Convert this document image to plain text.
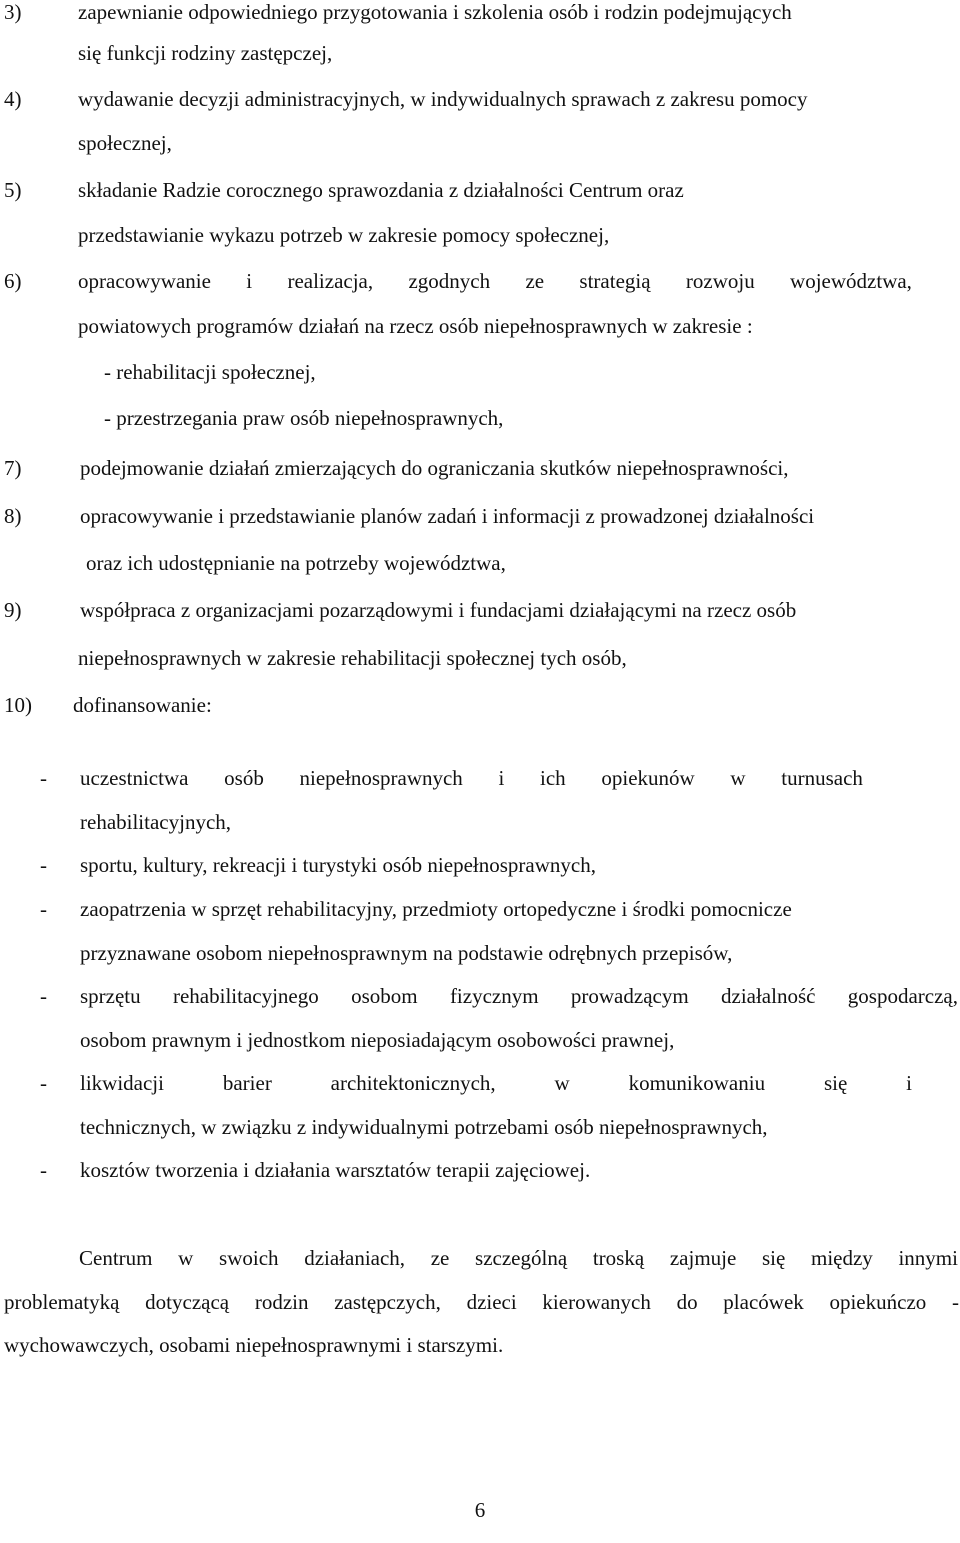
3)	zapewnianie odpowiedniego przygotowania i szkolenia osób i rodzin podejmujących
się funkcji rodziny zastępczej,
4)	wydawanie decyzji administracyjnych, w indywidualnych sprawach z zakresu pomocy
społecznej,
5)	składanie Radzie corocznego sprawozdania z działalności Centrum oraz
przedstawianie wykazu potrzeb w zakresie pomocy społecznej,
6)	opracowywanie i realizacja, zgodnych ze strategią rozwoju województwa,
powiatowych programów działań na rzecz osób niepełnosprawnych w zakresie :
- rehabilitacji społecznej,
- przestrzegania praw osób niepełnosprawnych,
7)	podejmowanie działań zmierzających do ograniczania skutków niepełnosprawności,
8)	opracowywanie i przedstawianie planów zadań i informacji z prowadzonej działalności
oraz ich udostępnianie na potrzeby województwa,
9)	współpraca z organizacjami pozarządowymi i fundacjami działającymi na rzecz osób
niepełnosprawnych w zakresie rehabilitacji społecznej tych osób,
10) dofinansowanie:
- uczestnictwa osób niepełnosprawnych i ich opiekunów w turnusach
rehabilitacyjnych,
- sportu, kultury, rekreacji i turystyki osób niepełnosprawnych,
- zaopatrzenia w sprzęt rehabilitacyjny, przedmioty ortopedyczne i środki pomocnicze
przyznawane osobom niepełnosprawnym na podstawie odrębnych przepisów,
- sprzętu rehabilitacyjnego osobom fizycznym prowadzącym działalność gospodarczą,
osobom prawnym i jednostkom nieposiadającym osobowości prawnej,
- likwidacji	barier	architektonicznych,	w	komunikowaniu	się	i
technicznych, w związku z indywidualnymi potrzebami osób niepełnosprawnych,
- kosztów tworzenia i działania warsztatów terapii zajęciowej.
Centrum w swoich działaniach, ze szczególną troską zajmuje się między innymi
problematyką dotyczącą rodzin zastępczych, dzieci kierowanych do placówek opiekuńczo -
wychowawczych, osobami niepełnosprawnymi i starszymi.
6
